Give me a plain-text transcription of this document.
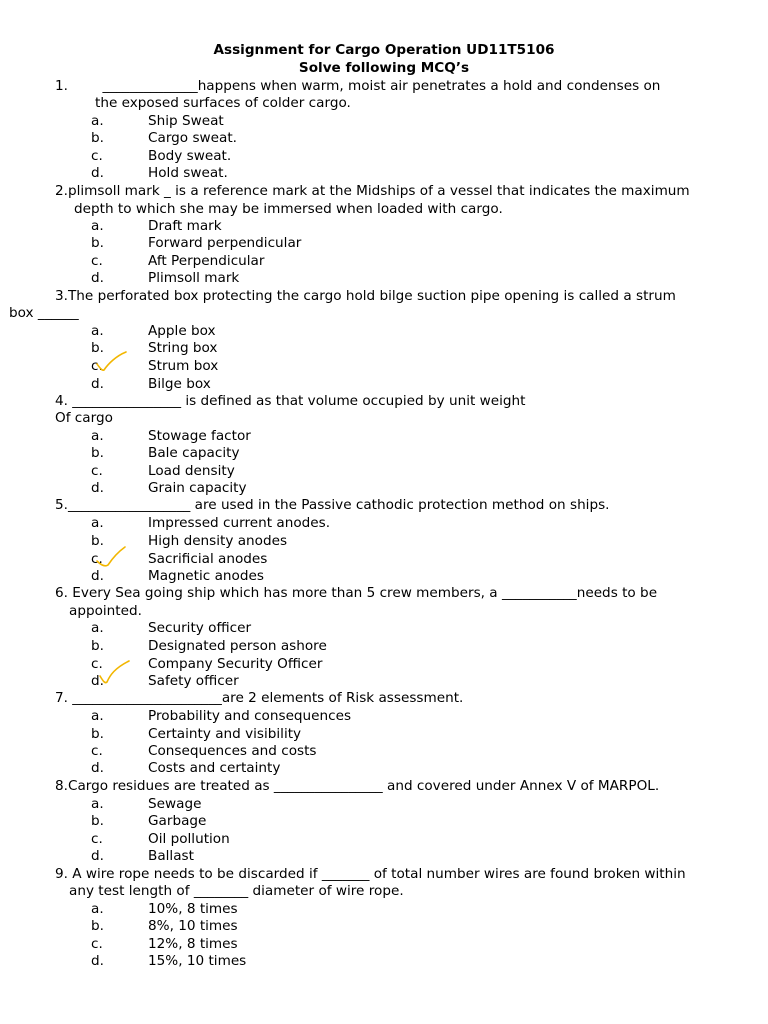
Assignment for Cargo Operation UD11T5106
Solve following MCQ’s
1.        ______________happens when warm, moist air penetrates a hold and condenses on
the exposed surfaces of colder cargo.
a.	Ship Sweat
b.	Cargo sweat.
c.	Body sweat.
d.	Hold sweat.
2.plimsoll mark _ is a reference mark at the Midships of a vessel that indicates the maximum
depth to which she may be immersed when loaded with cargo.
a.	Draft mark
b.	Forward perpendicular
c.	Aft Perpendicular
d.	Plimsoll mark
3.The perforated box protecting the cargo hold bilge suction pipe opening is called a strum
box ______
a.	Apple box
b.	String box
c.	Strum box
d.	Bilge box
4. ________________ is defined as that volume occupied by unit weight
Of cargo
a.	Stowage factor
b.	Bale capacity
c.	Load density
d.	Grain capacity
5.__________________ are used in the Passive cathodic protection method on ships.
a.	Impressed current anodes.
b.	High density anodes
c.	Sacrificial anodes
d.	Magnetic anodes
6. Every Sea going ship which has more than 5 crew members, a ___________needs to be
appointed.
a.	Security officer
b.	Designated person ashore
c.	Company Security Officer
d.	Safety officer
7. ______________________are 2 elements of Risk assessment.
a.	Probability and consequences
b.	Certainty and visibility
c.	Consequences and costs
d.	Costs and certainty
8.Cargo residues are treated as ________________ and covered under Annex V of MARPOL.
a.	Sewage
b.	Garbage
c.	Oil pollution
d.	Ballast
9. A wire rope needs to be discarded if _______ of total number wires are found broken within
any test length of ________ diameter of wire rope.
a.	10%, 8 times
b.	8%, 10 times
c.	12%, 8 times
d.	15%, 10 times
